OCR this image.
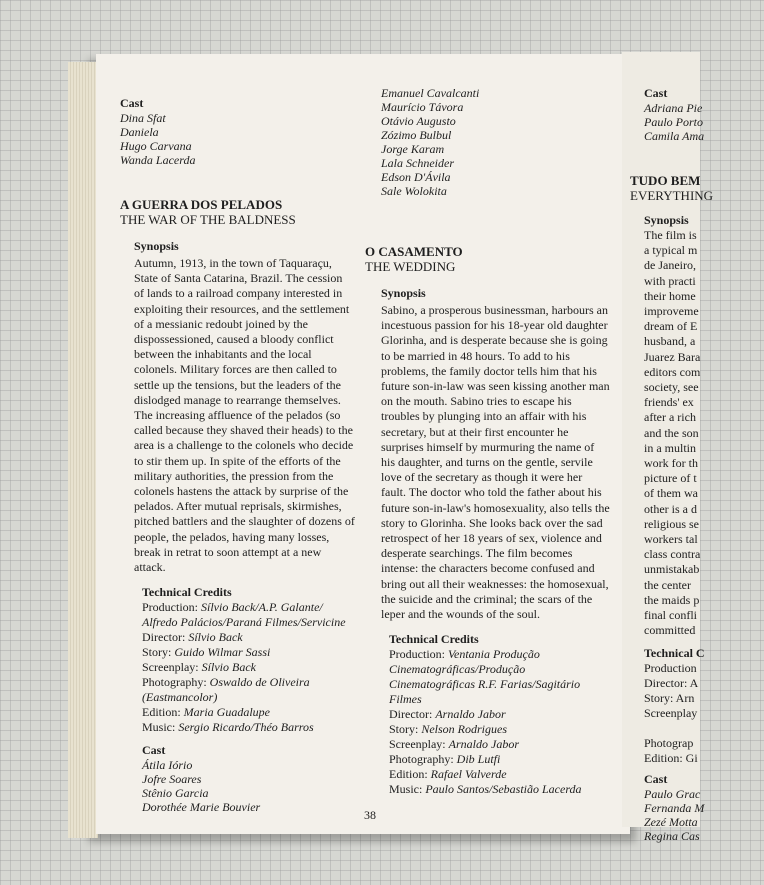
Cast
Dina Sfat
Daniela
Hugo Carvana
Wanda Lacerda
A GUERRA DOS PELADOS
THE WAR OF THE BALDNESS
Synopsis
Autumn, 1913, in the town of Taquaraçu, State of Santa Catarina, Brazil. The cession of lands to a railroad company interested in exploiting their resources, and the settlement of a messianic redoubt joined by the dispossessioned, caused a bloody conflict between the inhabitants and the local colonels. Military forces are then called to settle up the tensions, but the leaders of the dislodged manage to rearrange themselves. The increasing affluence of the pelados (so called because they shaved their heads) to the area is a challenge to the colonels who decide to stir them up. In spite of the efforts of the military authorities, the pression from the colonels hastens the attack by surprise of the pelados. After mutual reprisals, skirmishes, pitched battlers and the slaughter of dozens of people, the pelados, having many losses, break in retrat to soon attempt at a new attack.
Technical Credits
Production: Sílvio Back/A.P. Galante/ Alfredo Palácios/Paraná Filmes/Servicine
Director: Sílvio Back
Story: Guido Wilmar Sassi
Screenplay: Sílvio Back
Photography: Oswaldo de Oliveira (Eastmancolor)
Edition: Maria Guadalupe
Music: Sergio Ricardo/Théo Barros
Cast
Átila Iório
Jofre Soares
Stênio Garcia
Dorothée Marie Bouvier
Emanuel Cavalcanti
Maurício Távora
Otávio Augusto
Zózimo Bulbul
Jorge Karam
Lala Schneider
Edson D'Ávila
Sale Wolokita
O CASAMENTO
THE WEDDING
Synopsis
Sabino, a prosperous businessman, harbours an incestuous passion for his 18-year old daughter Glorinha, and is desperate because she is going to be married in 48 hours. To add to his problems, the family doctor tells him that his future son-in-law was seen kissing another man on the mouth. Sabino tries to escape his troubles by plunging into an affair with his secretary, but at their first encounter he surprises himself by murmuring the name of his daughter, and turns on the gentle, servile love of the secretary as though it were her fault. The doctor who told the father about his future son-in-law's homosexuality, also tells the story to Glorinha. She looks back over the sad retrospect of her 18 years of sex, violence and desperate searchings. The film becomes intense: the characters become confused and bring out all their weaknesses: the homosexual, the suicide and the criminal; the scars of the leper and the wounds of the soul.
Technical Credits
Production: Ventania Produção Cinematográficas/Produção Cinematográficas R.F. Farias/Sagitário Filmes
Director: Arnaldo Jabor
Story: Nelson Rodrigues
Screenplay: Arnaldo Jabor
Photography: Dib Lutfi
Edition: Rafael Valverde
Music: Paulo Santos/Sebastião Lacerda
38
Cast
Adriana Pie
Paulo Porto
Camila Ama
TUDO BEM
EVERYTHING
Synopsis
The film is
a typical m
de Janeiro,
with practi
their home
improveme
dream of E
husband, a
Juarez Bara
editors com
society, see
friends' ex
after a rich
and the son
in a multin
work for th
picture of t
of them wa
other is a d
religious se
workers tal
class contra
unmistakab
the center
the maids p
final confli
committed
Technical C
Production
Director: A
Story: Arn
Screenplay

Photograp
Edition: Gi
Cast
Paulo Grac
Fernanda M
Zezé Motta
Regina Cas
